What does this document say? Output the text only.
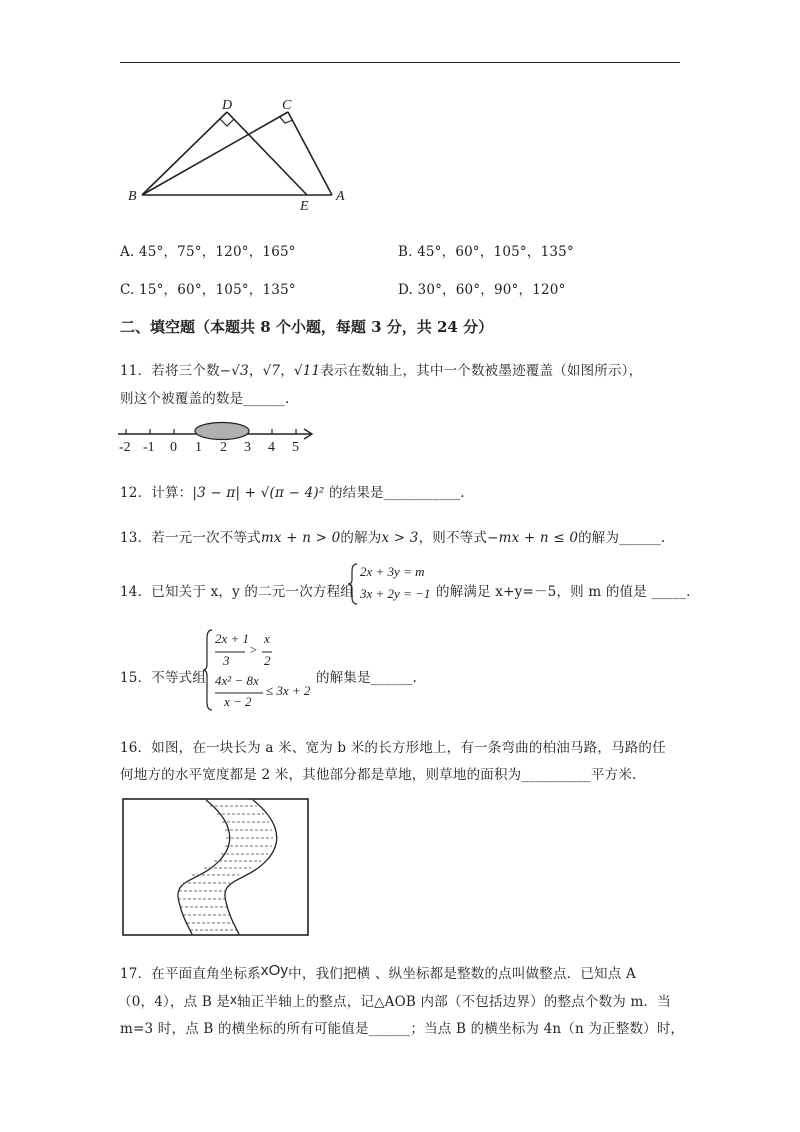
D	C
B
E
A
A. 45°，75°，120°，165°	B. 45°，60°，105°，135°
C. 15°，60°，105°，135°	D. 30°，60°，90°，120°
二、填空题（本题共 8 个小题，每题 3 分，共 24 分）
11．若将三个数−√3，√7，√11表示在数轴上，其中一个数被墨迹覆盖（如图所示），
则这个被覆盖的数是______.
-2 -1 0 1 2 3 4 5
12．计算：|3 − π| + √(π − 4)² 的结果是___________.
13．若一元一次不等式mx + n > 0的解为x > 3，则不等式−mx + n ≤ 0的解为______.
14．已知关于 x，y 的二元一次方程组
2x + 3y = m
3x + 2y = −1 的解满足 x+y=－5，则 m 的值是 _____.
15．不等式组
2x + 1
3
>
x
2
4x² − 8x
x − 2
≤ 3x + 2
的解集是______.
16．如图，在一块长为 a 米、宽为 b 米的长方形地上，有一条弯曲的柏油马路，马路的任
何地方的水平宽度都是 2 米，其他部分都是草地，则草地的面积为__________平方米.
17．在平面直角坐标系xOy中，我们把横 、纵坐标都是整数的点叫做整点．已知点 A
（0，4），点 B 是x轴正半轴上的整点，记△AOB 内部（不包括边界）的整点个数为 m．当
m=3 时，点 B 的横坐标的所有可能值是______；当点 B 的横坐标为 4n（n 为正整数）时，
